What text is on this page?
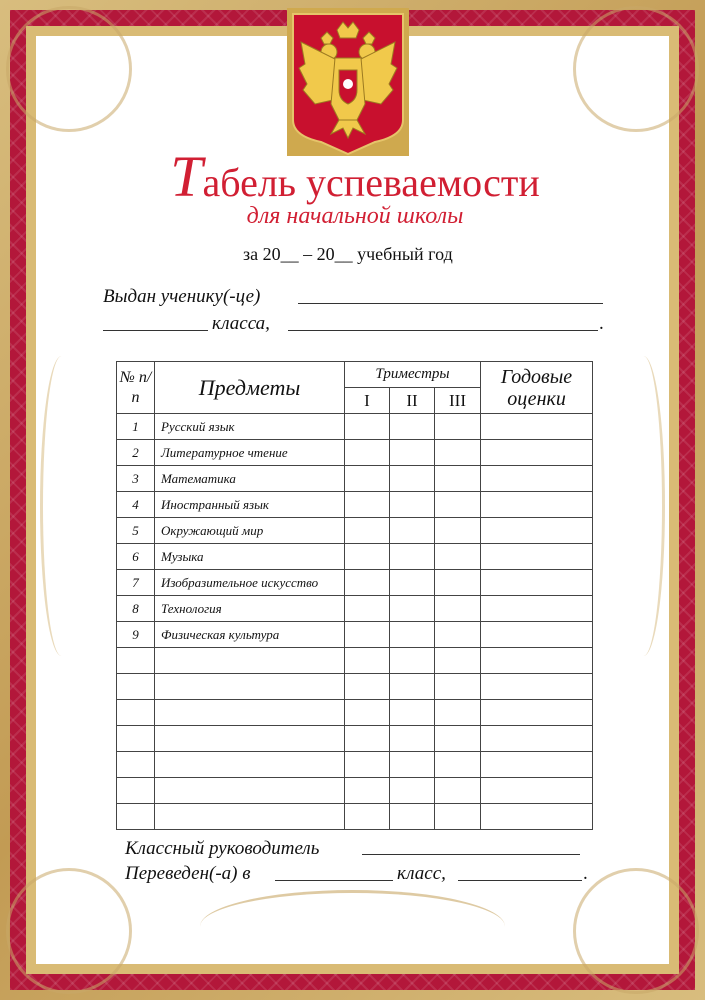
Табель успеваемости
для начальной школы
за 20__ – 20__ учебный год
Выдан ученику(-це)
класса,	.
№ п/п	Предметы	Триместры			Годовые оценки
		I	II	III	
1	Русский язык				
2	Литературное чтение				
3	Математика				
4	Иностранный язык				
5	Окружающий мир				
6	Музыка				
7	Изобразительное искусство				
8	Технология				
9	Физическая культура				

Классный руководитель
Переведен(-а) в	класс,	.
